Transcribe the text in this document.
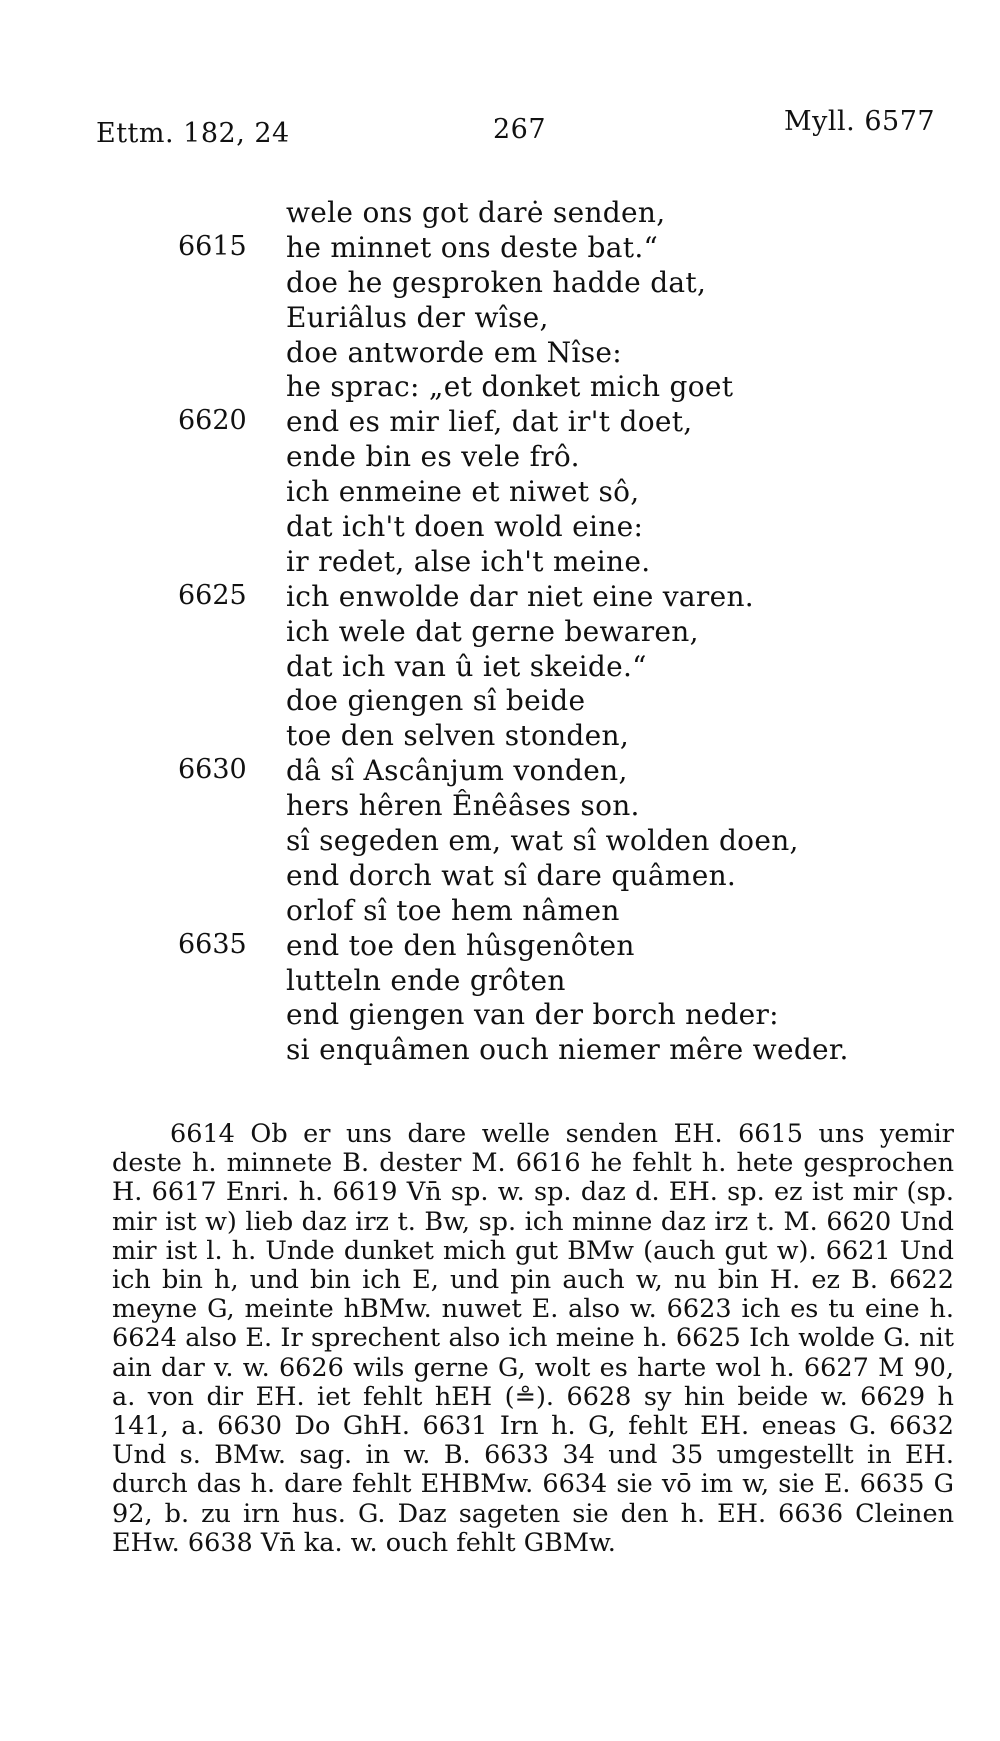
Ettm. 182, 24	267	Myll. 6577
wele ons got darė senden,
6615 he minnet ons deste bat.“
doe he gesproken hadde dat,
Euriâlus der wîse,
doe antworde em Nîse:
he sprac: „et donket mich goet
6620 end es mir lief, dat ir't doet,
ende bin es vele frô.
ich enmeine et niwet sô,
dat ich't doen wold eine:
ir redet, alse ich't meine.
6625 ich enwolde dar niet eine varen.
ich wele dat gerne bewaren,
dat ich van û iet skeide.“
doe giengen sî beide
toe den selven stonden,
6630 dâ sî Ascânjum vonden,
hers hêren Ênêâses son.
sî segeden em, wat sî wolden doen,
end dorch wat sî dare quâmen.
orlof sî toe hem nâmen
6635 end toe den hûsgenôten
lutteln ende grôten
end giengen van der borch neder:
si enquâmen ouch niemer mêre weder.

6614 Ob er uns dare welle senden EH. 6615 uns yemir deste h. minnete B. dester M. 6616 he fehlt h. hete gesprochen H. 6617 Enri. h. 6619 Vn̄ sp. w. sp. daz d. EH. sp. ez ist mir (sp. mir ist w) lieb daz irz t. Bw, sp. ich minne daz irz t. M. 6620 Und mir ist l. h. Unde dunket mich gut BMw (auch gut w). 6621 Und ich bin h, und bin ich E, und pin auch w, nu bin H. ez B. 6622 meyne G, meinte hBMw. nuwet E. also w. 6623 ich es tu eine h. 6624 also E. Ir sprechent also ich meine h. 6625 Ich wolde G. nit ain dar v. w. 6626 wils gerne G, wolt es harte wol h. 6627 M 90, a. von dir EH. iet fehlt hEH (≗). 6628 sy hin beide w. 6629 h 141, a. 6630 Do GhH. 6631 Irn h. G, fehlt EH. eneas G. 6632 Und s. BMw. sag. in w. B. 6633 34 und 35 umgestellt in EH. durch das h. dare fehlt EHBMw. 6634 sie vō im w, sie E. 6635 G 92, b. zu irn hus. G. Daz sageten sie den h. EH. 6636 Cleinen EHw. 6638 Vn̄ ka. w. ouch fehlt GBMw.
